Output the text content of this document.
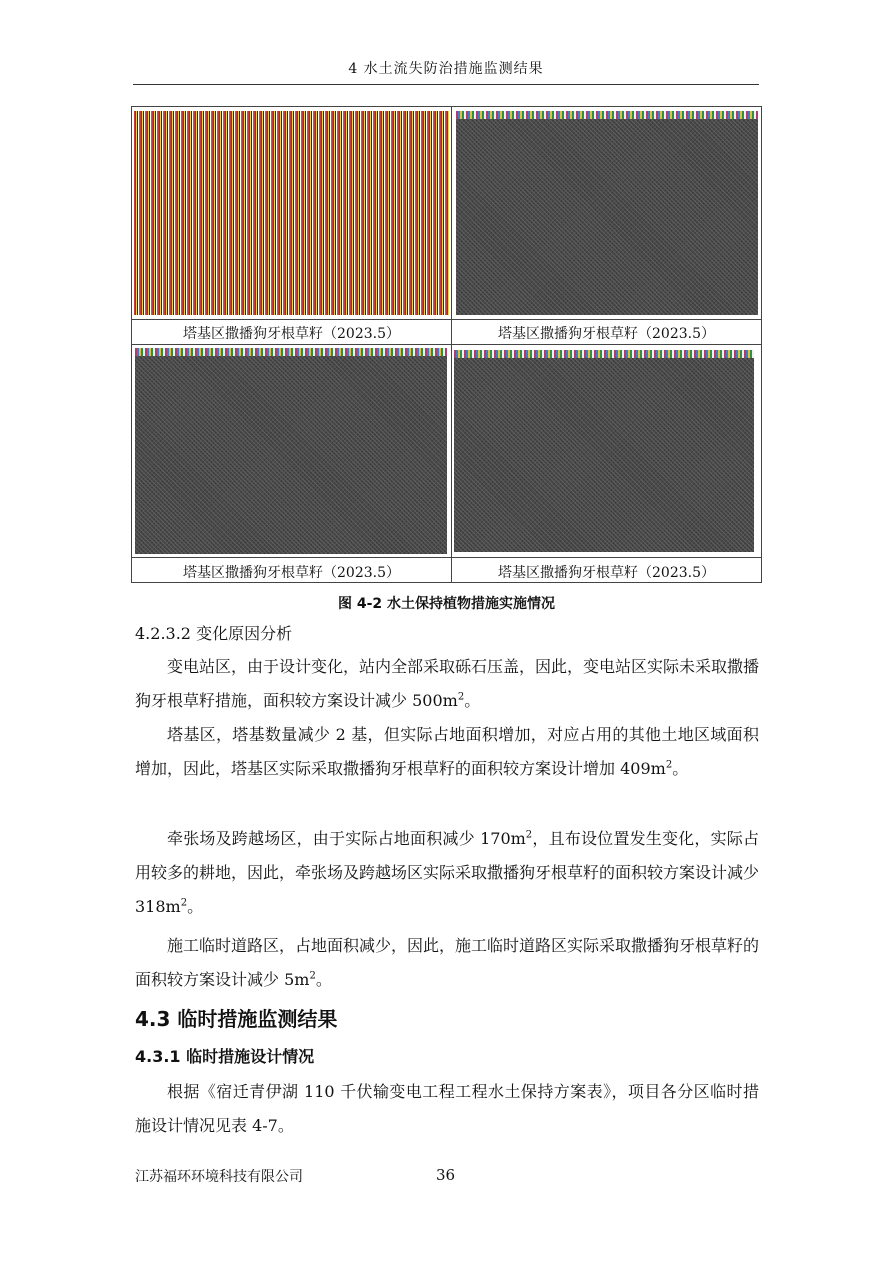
4 水土流失防治措施监测结果
塔基区撒播狗牙根草籽（2023.5）	塔基区撒播狗牙根草籽（2023.5）
塔基区撒播狗牙根草籽（2023.5）	塔基区撒播狗牙根草籽（2023.5）
图 4-2 水土保持植物措施实施情况
4.2.3.2 变化原因分析
变电站区，由于设计变化，站内全部采取砾石压盖，因此，变电站区实际未采取撒播狗牙根草籽措施，面积较方案设计减少 $500m^2$。
塔基区，塔基数量减少 2 基，但实际占地面积增加，对应占用的其他土地区域面积增加，因此，塔基区实际采取撒播狗牙根草籽的面积较方案设计增加 $409m^2$。
牵张场及跨越场区，由于实际占地面积减少 $170m^2$，且布设位置发生变化，实际占用较多的耕地，因此，牵张场及跨越场区实际采取撒播狗牙根草籽的面积较方案设计减少 $318m^2$。
施工临时道路区，占地面积减少，因此，施工临时道路区实际采取撒播狗牙根草籽的面积较方案设计减少 $5m^2$。
4.3 临时措施监测结果
4.3.1 临时措施设计情况
根据《宿迁青伊湖 110 千伏输变电工程工程水土保持方案表》，项目各分区临时措施设计情况见表 4-7。
江苏福环环境科技有限公司	36
